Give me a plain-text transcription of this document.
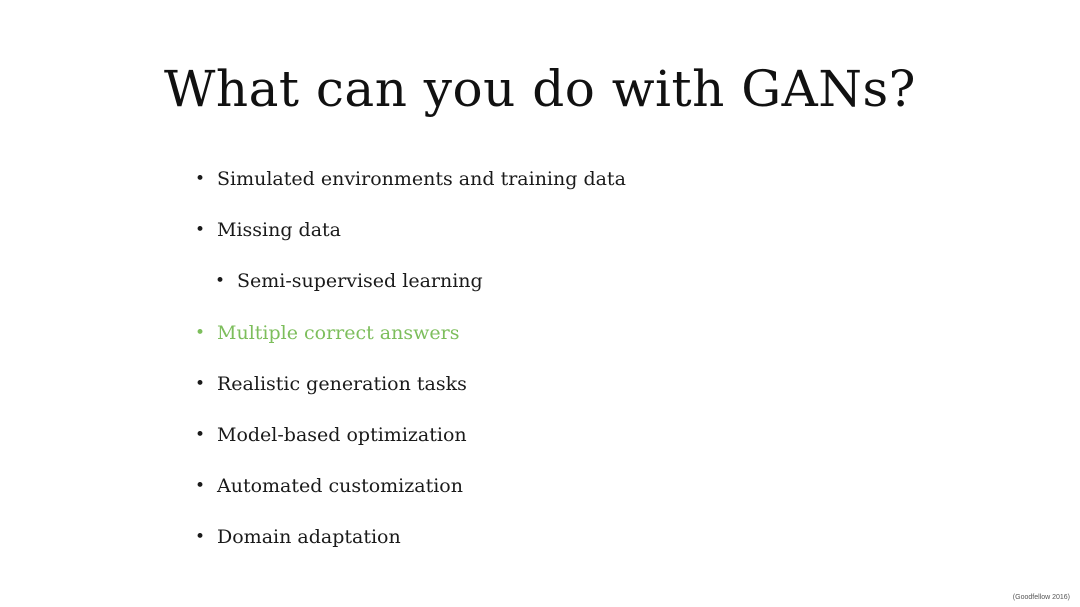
What can you do with GANs?
• Simulated environments and training data
• Missing data
• Semi-supervised learning
• Multiple correct answers
• Realistic generation tasks
• Model-based optimization
• Automated customization
• Domain adaptation
(Goodfellow 2016)
